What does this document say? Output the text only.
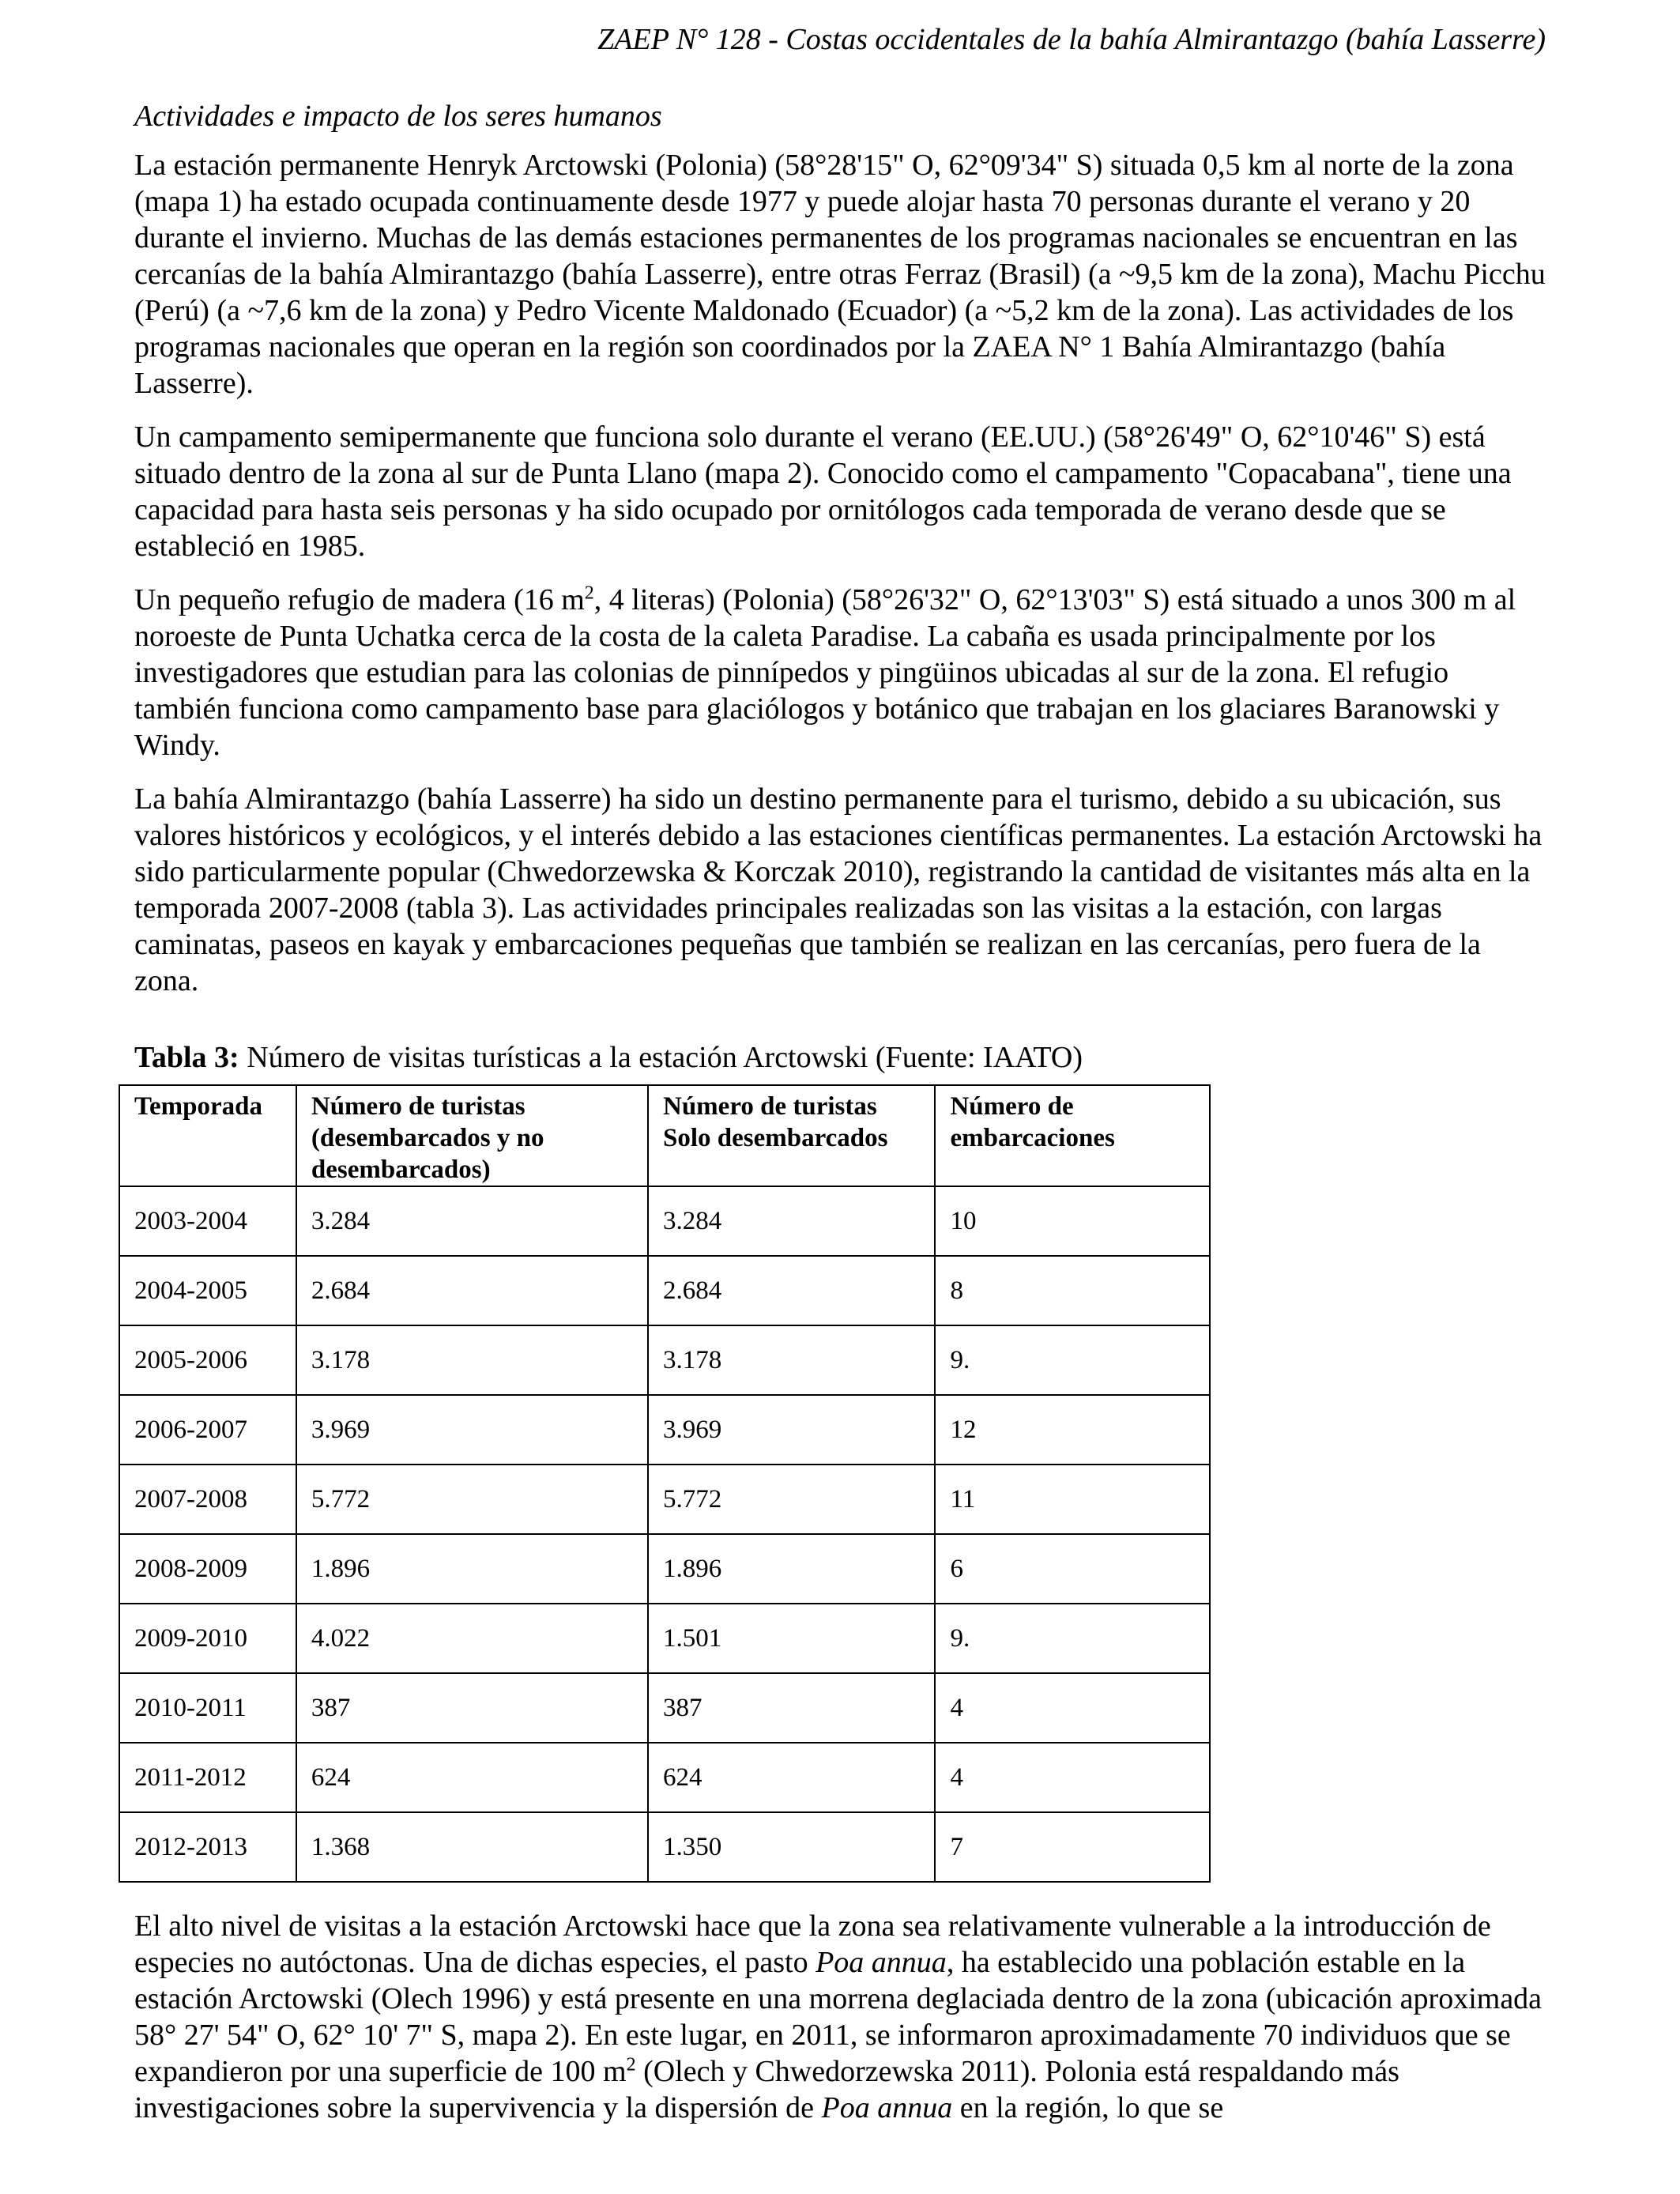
ZAEP N° 128 - Costas occidentales de la bahía Almirantazgo (bahía Lasserre)
Actividades e impacto de los seres humanos

La estación permanente Henryk Arctowski (Polonia) (58°28'15" O, 62°09'34" S) situada 0,5 km al norte de la zona (mapa 1) ha estado ocupada continuamente desde 1977 y puede alojar hasta 70 personas durante el verano y 20 durante el invierno. Muchas de las demás estaciones permanentes de los programas nacionales se encuentran en las cercanías de la bahía Almirantazgo (bahía Lasserre), entre otras Ferraz (Brasil) (a ~9,5 km de la zona), Machu Picchu (Perú) (a ~7,6 km de la zona) y Pedro Vicente Maldonado (Ecuador) (a ~5,2 km de la zona). Las actividades de los programas nacionales que operan en la región son coordinados por la ZAEA N° 1 Bahía Almirantazgo (bahía Lasserre).

Un campamento semipermanente que funciona solo durante el verano (EE.UU.) (58°26'49" O, 62°10'46" S) está situado dentro de la zona al sur de Punta Llano (mapa 2). Conocido como el campamento "Copacabana", tiene una capacidad para hasta seis personas y ha sido ocupado por ornitólogos cada temporada de verano desde que se estableció en 1985.

Un pequeño refugio de madera (16 $m^2$, 4 literas) (Polonia) (58°26'32" O, 62°13'03" S) está situado a unos 300 m al noroeste de Punta Uchatka cerca de la costa de la caleta Paradise. La cabaña es usada principalmente por los investigadores que estudian para las colonias de pinnípedos y pingüinos ubicadas al sur de la zona. El refugio también funciona como campamento base para glaciólogos y botánico que trabajan en los glaciares Baranowski y Windy.

La bahía Almirantazgo (bahía Lasserre) ha sido un destino permanente para el turismo, debido a su ubicación, sus valores históricos y ecológicos, y el interés debido a las estaciones científicas permanentes. La estación Arctowski ha sido particularmente popular (Chwedorzewska & Korczak 2010), registrando la cantidad de visitantes más alta en la temporada 2007-2008 (tabla 3). Las actividades principales realizadas son las visitas a la estación, con largas caminatas, paseos en kayak y embarcaciones pequeñas que también se realizan en las cercanías, pero fuera de la zona.

Tabla 3: Número de visitas turísticas a la estación Arctowski (Fuente: IAATO)
Temporada	Número de turistas (desembarcados y no desembarcados)	Número de turistas Solo desembarcados	Número de embarcaciones
2003-2004	3.284	3.284	10
2004-2005	2.684	2.684	8
2005-2006	3.178	3.178	9.
2006-2007	3.969	3.969	12
2007-2008	5.772	5.772	11
2008-2009	1.896	1.896	6
2009-2010	4.022	1.501	9.
2010-2011	387	387	4
2011-2012	624	624	4
2012-2013	1.368	1.350	7

El alto nivel de visitas a la estación Arctowski hace que la zona sea relativamente vulnerable a la introducción de especies no autóctonas. Una de dichas especies, el pasto Poa annua, ha establecido una población estable en la estación Arctowski (Olech 1996) y está presente en una morrena deglaciada dentro de la zona (ubicación aproximada 58° 27' 54" O, 62° 10' 7" S, mapa 2). En este lugar, en 2011, se informaron aproximadamente 70 individuos que se expandieron por una superficie de 100 $m^2$ (Olech y Chwedorzewska 2011). Polonia está respaldando más investigaciones sobre la supervivencia y la dispersión de Poa annua en la región, lo que se
